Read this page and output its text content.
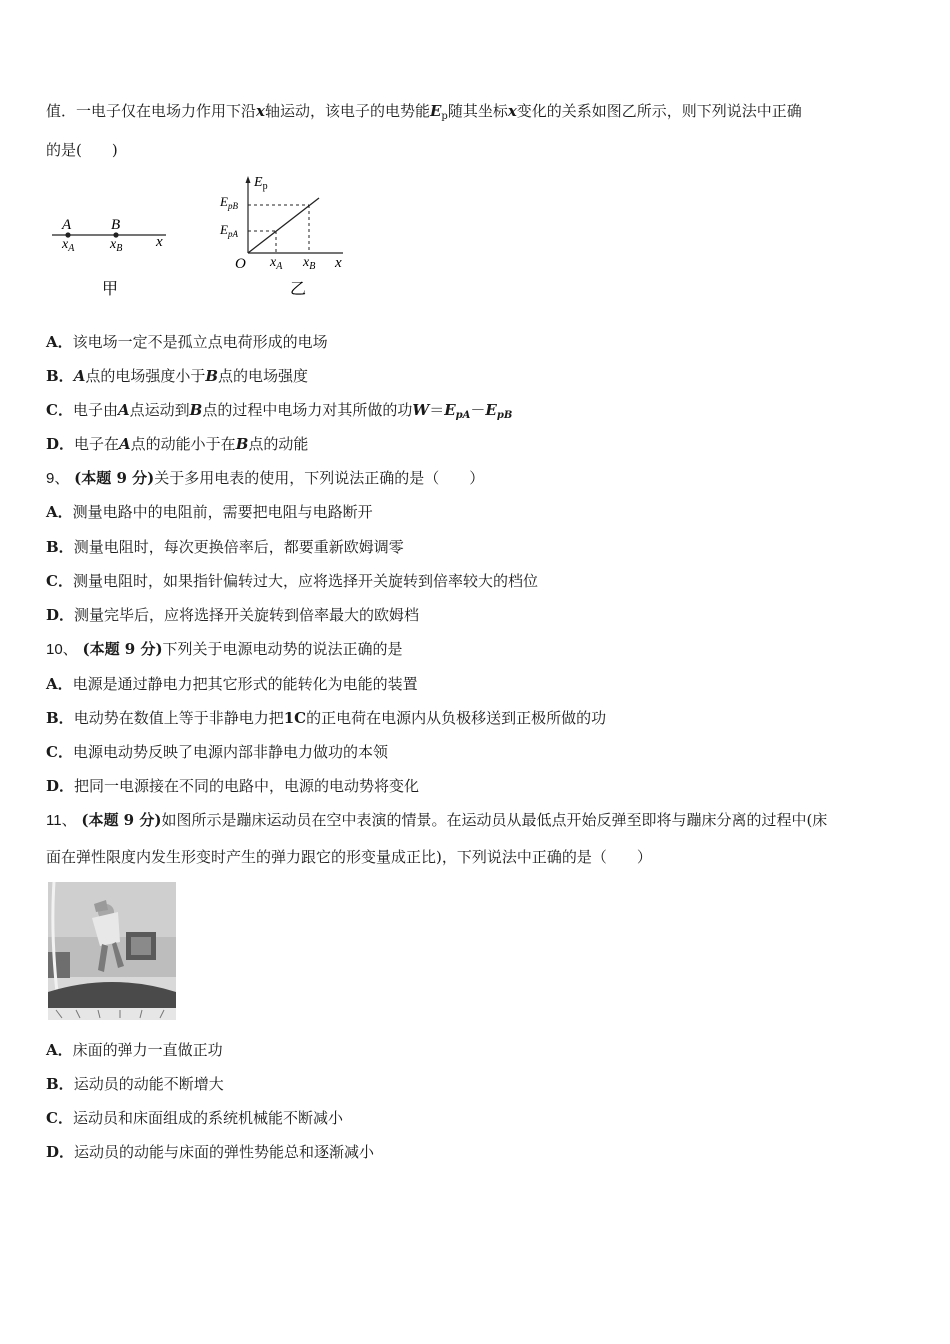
值．一电子仅在电场力作用下沿x轴运动，该电子的电势能$E_p$随其坐标x变化的关系如图乙所示，则下列说法中正确
的是(　　)
A	B
$x_A$	$x_B$ x
甲
$E_p$
$E_{pB}$
$E_{pA}$
O $x_A$ $x_B$ x
乙
A．该电场一定不是孤立点电荷形成的电场
B．A点的电场强度小于B点的电场强度
C．电子由A点运动到B点的过程中电场力对其所做的功$W=E_{pA}-E_{pB}$
D．电子在A点的动能小于在B点的动能
9、 (本题 9 分)关于多用电表的使用，下列说法正确的是（　　）
A．测量电路中的电阻前，需要把电阻与电路断开
B．测量电阻时，每次更换倍率后，都要重新欧姆调零
C．测量电阻时，如果指针偏转过大，应将选择开关旋转到倍率较大的档位
D．测量完毕后，应将选择开关旋转到倍率最大的欧姆档
10、 (本题 9 分)下列关于电源电动势的说法正确的是
A．电源是通过静电力把其它形式的能转化为电能的装置
B．电动势在数值上等于非静电力把1C的正电荷在电源内从负极移送到正极所做的功
C．电源电动势反映了电源内部非静电力做功的本领
D．把同一电源接在不同的电路中，电源的电动势将变化
11、 (本题 9 分)如图所示是蹦床运动员在空中表演的情景。在运动员从最低点开始反弹至即将与蹦床分离的过程中(床
面在弹性限度内发生形变时产生的弹力跟它的形变量成正比)，下列说法中正确的是（　　）
A．床面的弹力一直做正功
B．运动员的动能不断增大
C．运动员和床面组成的系统机械能不断减小
D．运动员的动能与床面的弹性势能总和逐渐减小
